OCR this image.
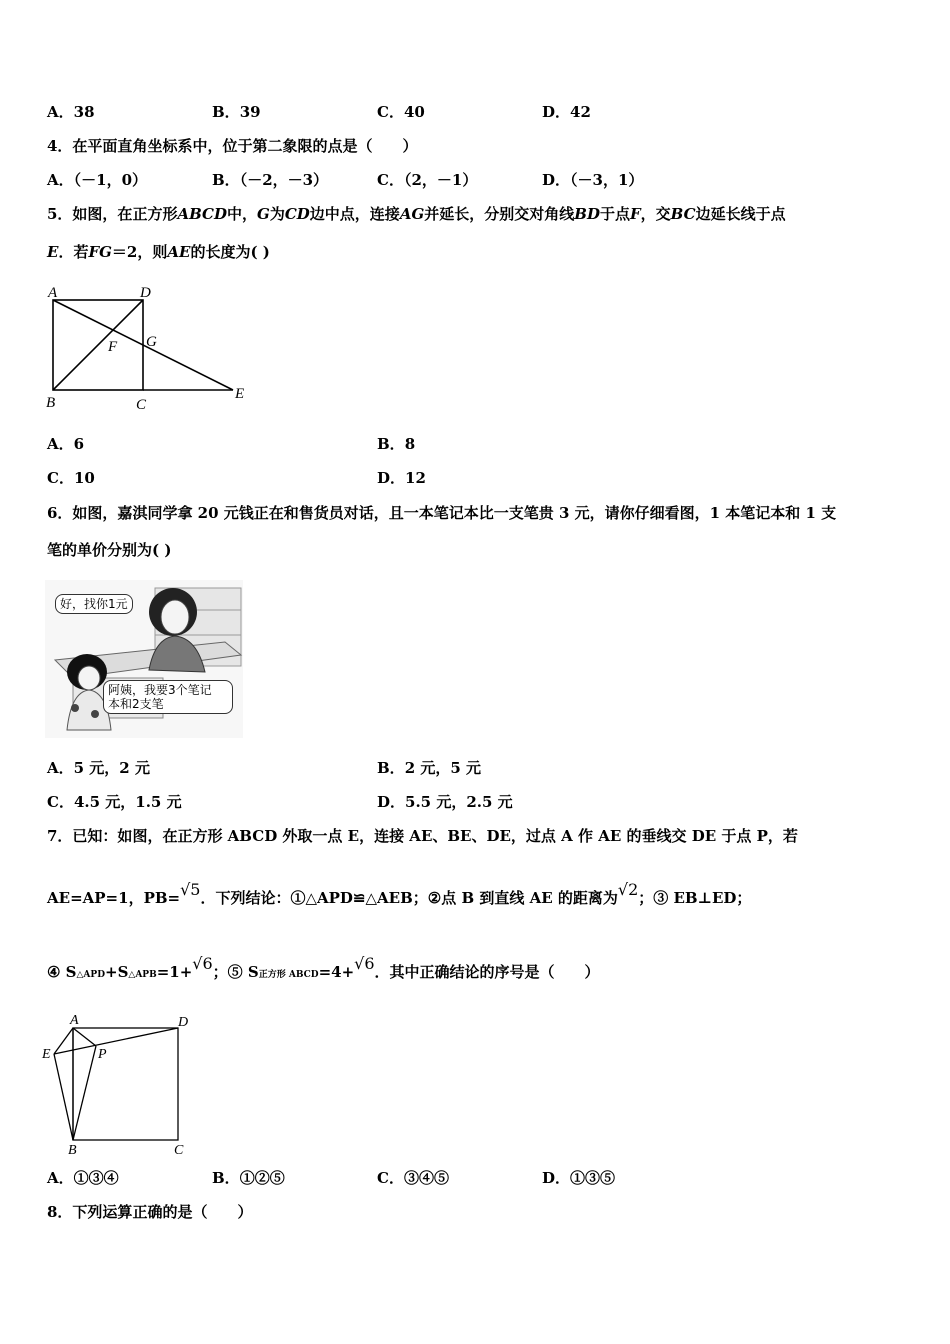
A．38	B．39	C．40	D．42
4．在平面直角坐标系中，位于第二象限的点是（　　）
A．（－1，0）	B．（－2，－3）	C．（2，－1）	D．（－3，1）
5．如图，在正方形ABCD中，G为CD边中点，连接AG并延长，分别交对角线BD于点F，交BC边延长线于点
E．若FG＝2，则AE的长度为( )
A	D
F G
B	C
E
A．6	B．8
C．10	D．12
6．如图，嘉淇同学拿 20 元钱正在和售货员对话，且一本笔记本比一支笔贵 3 元，请你仔细看图，1 本笔记本和 1 支
笔的单价分别为( )
好，找你1元
阿姨，我要3个笔记
本和2支笔
A．5 元，2 元	B．2 元，5 元
C．4.5 元，1.5 元	D．5.5 元，2.5 元
7．已知：如图，在正方形 ABCD 外取一点 E，连接 AE、BE、DE，过点 A 作 AE 的垂线交 DE 于点 P，若
AE=AP=1，PB=√5．下列结论：①△APD≌△AEB；②点 B 到直线 AE 的距离为√2；③ EB⊥ED；
④ S△APD+S△APB=1+√6；⑤ S正方形 ABCD=4+√6．其中正确结论的序号是（　　）
A	D
E	P
B	C
A．①③④	B．①②⑤	C．③④⑤	D．①③⑤
8．下列运算正确的是（　　）
